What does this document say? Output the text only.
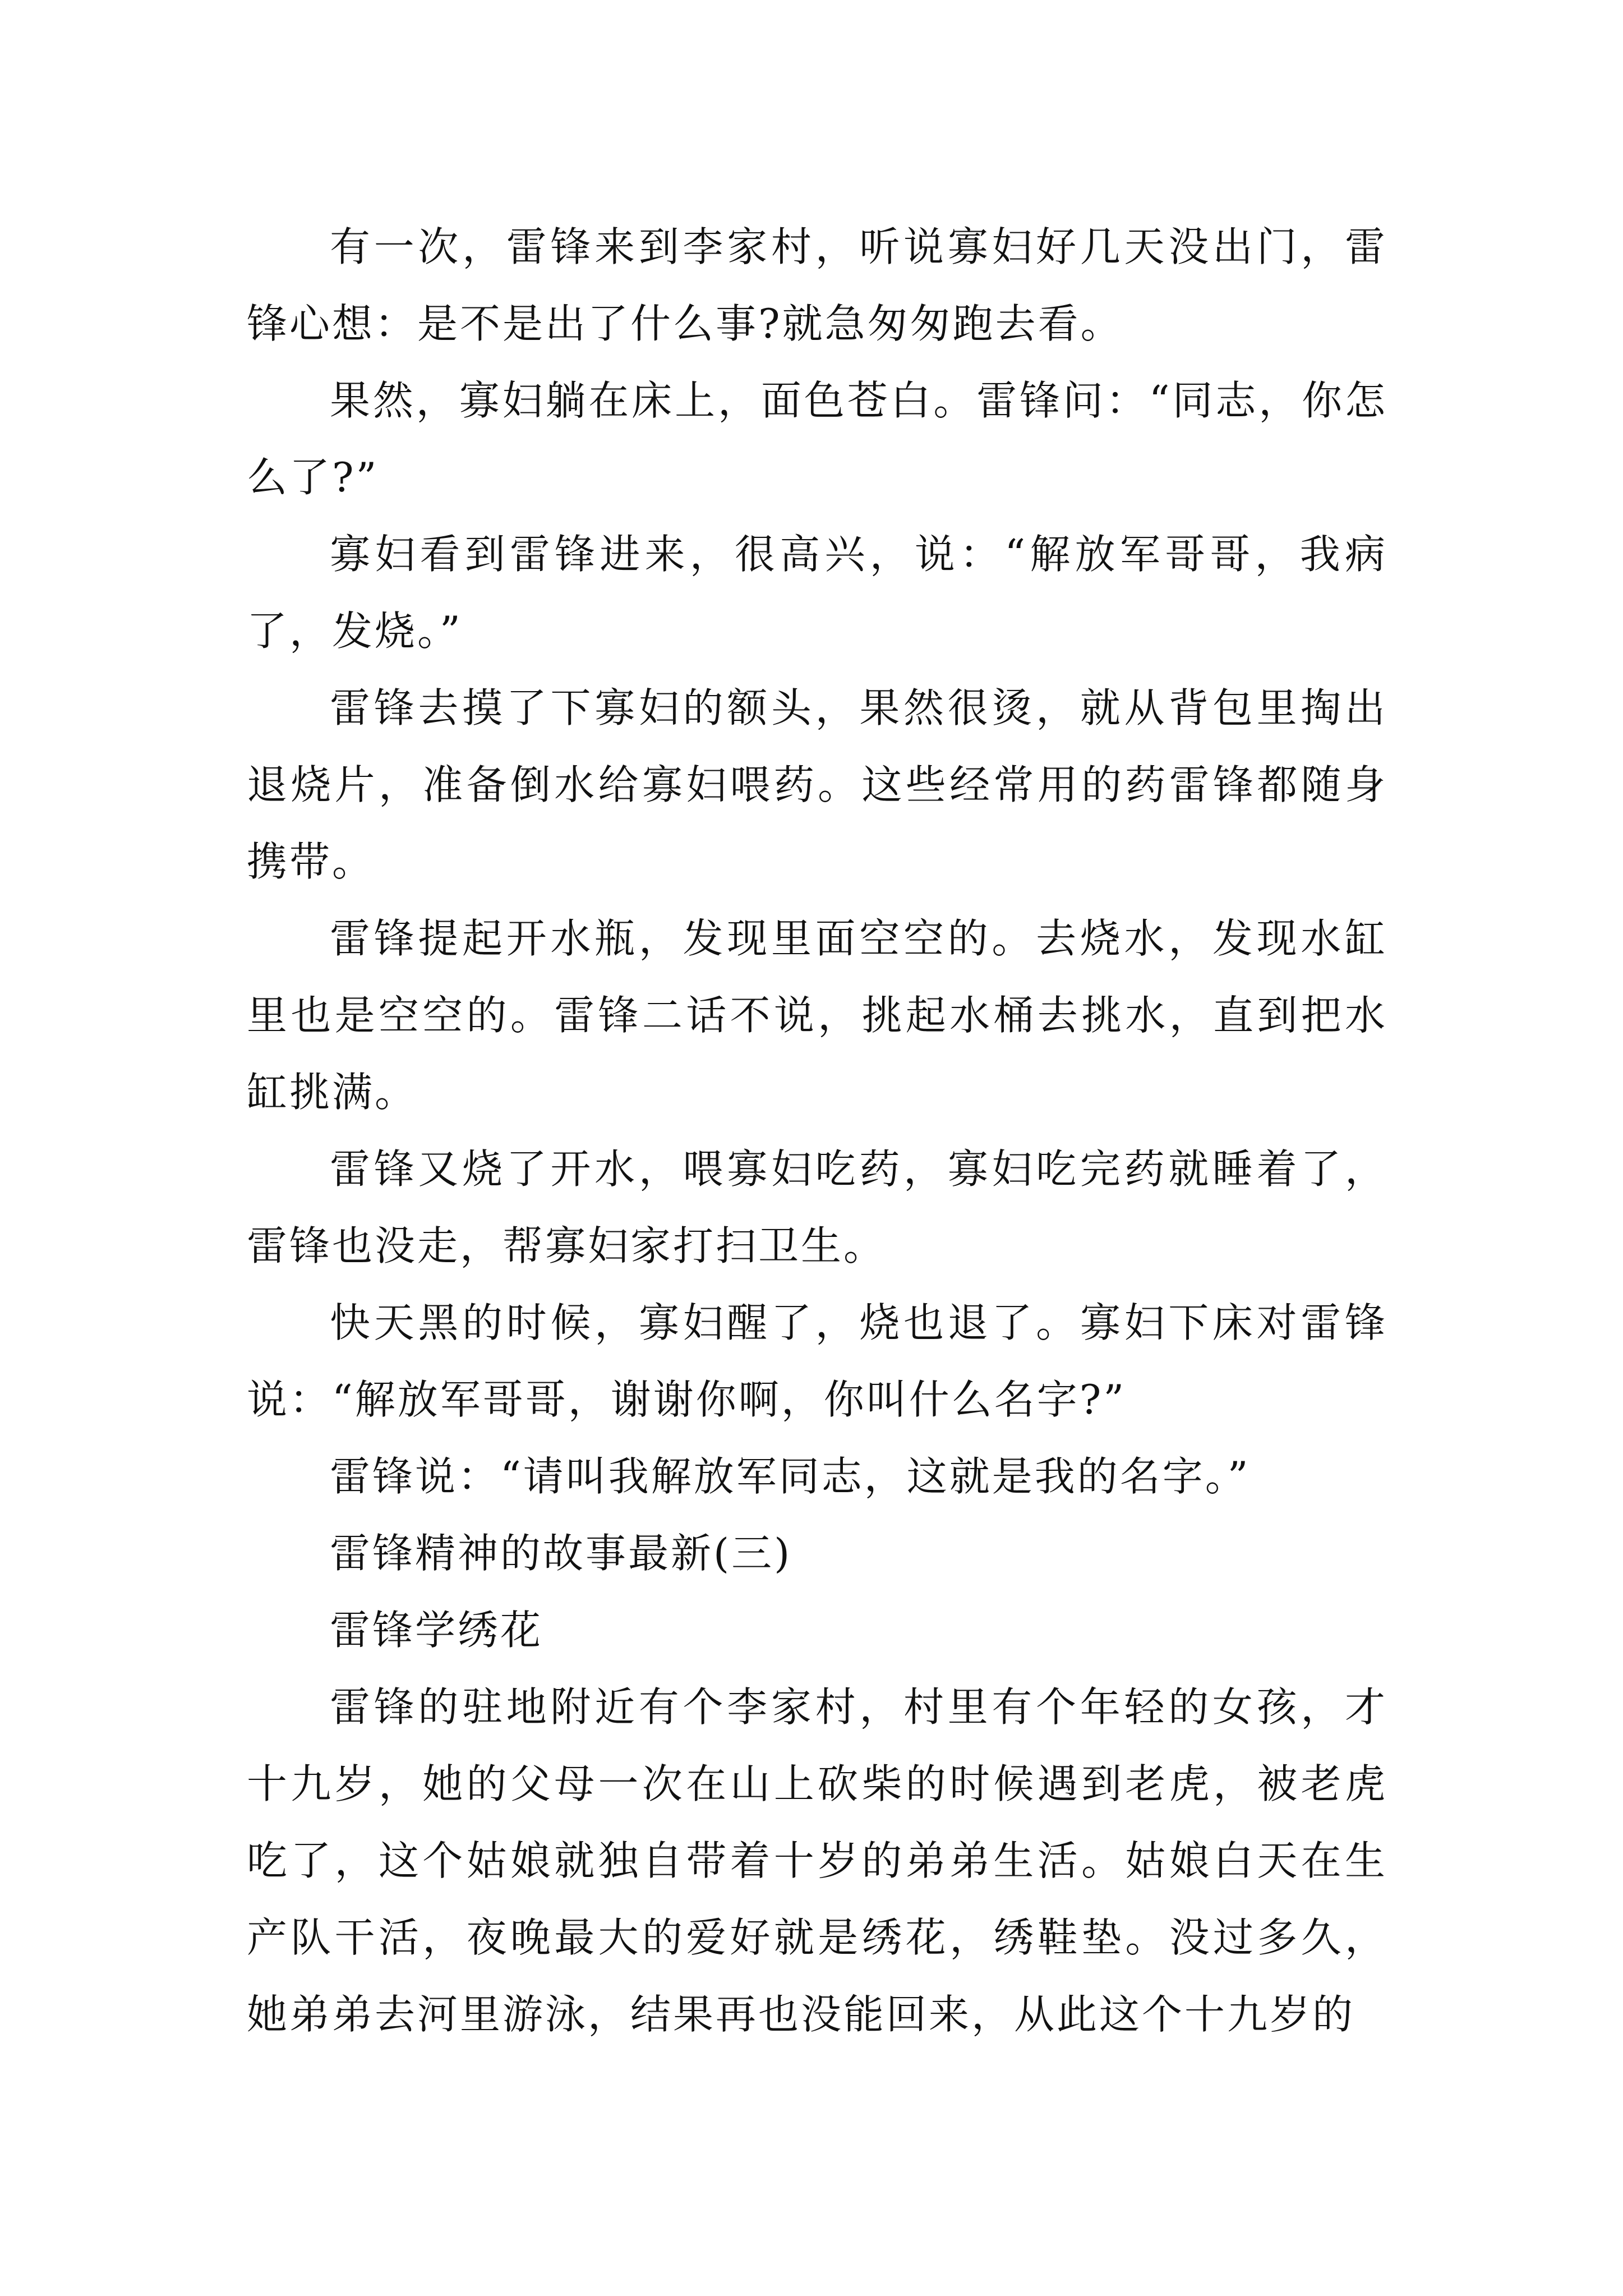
有一次，雷锋来到李家村，听说寡妇好几天没出门，雷锋心想：是不是出了什么事?就急匆匆跑去看。

果然，寡妇躺在床上，面色苍白。雷锋问：“同志，你怎么了?”

寡妇看到雷锋进来，很高兴，说：“解放军哥哥，我病了，发烧。”

雷锋去摸了下寡妇的额头，果然很烫，就从背包里掏出退烧片，准备倒水给寡妇喂药。这些经常用的药雷锋都随身携带。

雷锋提起开水瓶，发现里面空空的。去烧水，发现水缸里也是空空的。雷锋二话不说，挑起水桶去挑水，直到把水缸挑满。

雷锋又烧了开水，喂寡妇吃药，寡妇吃完药就睡着了，雷锋也没走，帮寡妇家打扫卫生。

快天黑的时候，寡妇醒了，烧也退了。寡妇下床对雷锋说：“解放军哥哥，谢谢你啊，你叫什么名字?”

雷锋说：“请叫我解放军同志，这就是我的名字。”

雷锋精神的故事最新(三)

雷锋学绣花

雷锋的驻地附近有个李家村，村里有个年轻的女孩，才十九岁，她的父母一次在山上砍柴的时候遇到老虎，被老虎吃了，这个姑娘就独自带着十岁的弟弟生活。姑娘白天在生产队干活，夜晚最大的爱好就是绣花，绣鞋垫。没过多久，她弟弟去河里游泳，结果再也没能回来，从此这个十九岁的
